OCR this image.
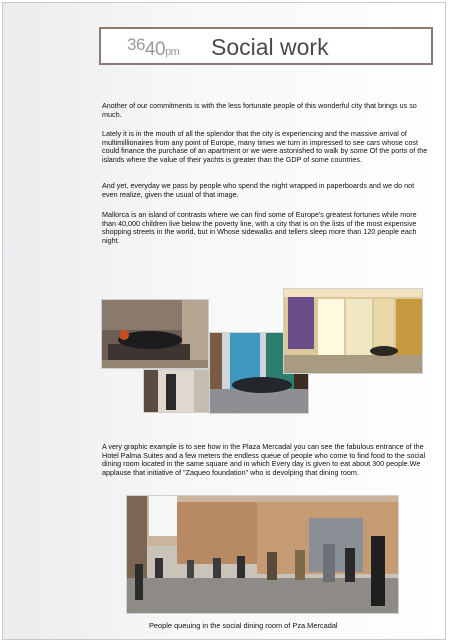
$3640_{pm}$ Social work

Another of our commitments is with the less fortunate people of this wonderful city that brings us so much.

Lately it is in the mouth of all the splendor that the city is experiencing and the massive arrival of multimillionaires from any point of Europe, many times we turn in impressed to see cars whose cost could finance the purchase of an apartment or we were astonished to walk by some Of the ports of the islands where the value of their yachts is greater than the GDP of some countries.

And yet, everyday we pass by people who spend the night wrapped in paperboards and we do not even realize, given the usual of that image.

Mallorca is an island of contrasts where we can find some of Europe's greatest fortunes while more than 40,000 children live below the poverty line, with a city that is on the lists of the most expensive shopping streets in the world, but in Whose sidewalks and tellers sleep more than 120 people each night.

A very graphic example is to see how in the Plaza Mercadal you can see the fabulous entrance of the Hotel Palma Suites and a few meters the endless queue of people who come to find food to the social dining room located in the same square and in which Every day is given to eat about 300 people.We applause that initiative of "Zaqueo foundation" who is devolping that dining room.

People queuing in the social dining room of Pza.Mercadal
